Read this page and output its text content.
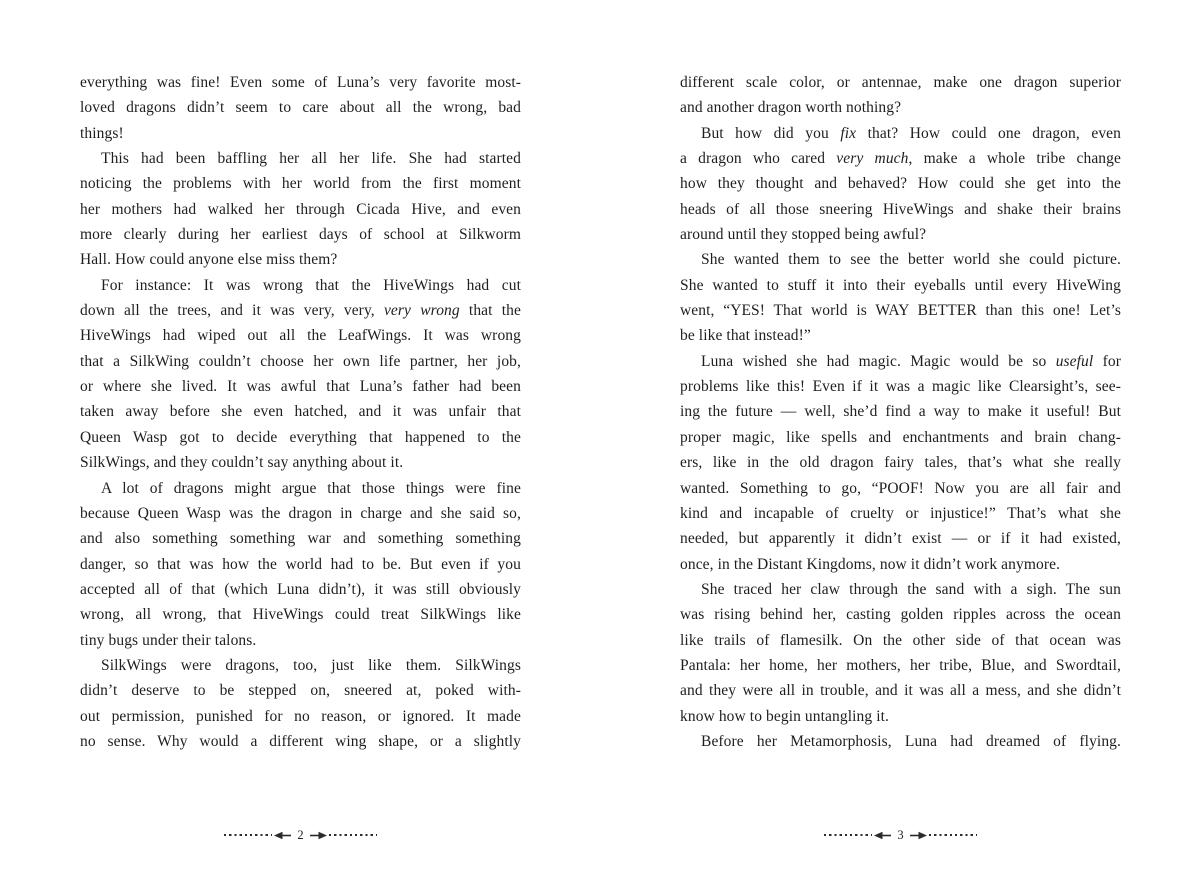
everything was fine! Even some of Luna’s very favorite most-
loved dragons didn’t seem to care about all the wrong, bad
things!
This had been baffling her all her life. She had started
noticing the problems with her world from the first moment
her mothers had walked her through Cicada Hive, and even
more clearly during her earliest days of school at Silkworm
Hall. How could anyone else miss them?
For instance: It was wrong that the HiveWings had cut
down all the trees, and it was very, very, very wrong that the
HiveWings had wiped out all the LeafWings. It was wrong
that a SilkWing couldn’t choose her own life partner, her job,
or where she lived. It was awful that Luna’s father had been
taken away before she even hatched, and it was unfair that
Queen Wasp got to decide everything that happened to the
SilkWings, and they couldn’t say anything about it.
A lot of dragons might argue that those things were fine
because Queen Wasp was the dragon in charge and she said so,
and also something something war and something something
danger, so that was how the world had to be. But even if you
accepted all of that (which Luna didn’t), it was still obviously
wrong, all wrong, that HiveWings could treat SilkWings like
tiny bugs under their talons.
SilkWings were dragons, too, just like them. SilkWings
didn’t deserve to be stepped on, sneered at, poked with-
out permission, punished for no reason, or ignored. It made
no sense. Why would a different wing shape, or a slightly
2
different scale color, or antennae, make one dragon superior
and another dragon worth nothing?
But how did you fix that? How could one dragon, even
a dragon who cared very much, make a whole tribe change
how they thought and behaved? How could she get into the
heads of all those sneering HiveWings and shake their brains
around until they stopped being awful?
She wanted them to see the better world she could picture.
She wanted to stuff it into their eyeballs until every HiveWing
went, “YES! That world is WAY BETTER than this one! Let’s
be like that instead!”
Luna wished she had magic. Magic would be so useful for
problems like this! Even if it was a magic like Clearsight’s, see-
ing the future — well, she’d find a way to make it useful! But
proper magic, like spells and enchantments and brain chang-
ers, like in the old dragon fairy tales, that’s what she really
wanted. Something to go, “POOF! Now you are all fair and
kind and incapable of cruelty or injustice!” That’s what she
needed, but apparently it didn’t exist — or if it had existed,
once, in the Distant Kingdoms, now it didn’t work anymore.
She traced her claw through the sand with a sigh. The sun
was rising behind her, casting golden ripples across the ocean
like trails of flamesilk. On the other side of that ocean was
Pantala: her home, her mothers, her tribe, Blue, and Swordtail,
and they were all in trouble, and it was all a mess, and she didn’t
know how to begin untangling it.
Before her Metamorphosis, Luna had dreamed of flying.
3
